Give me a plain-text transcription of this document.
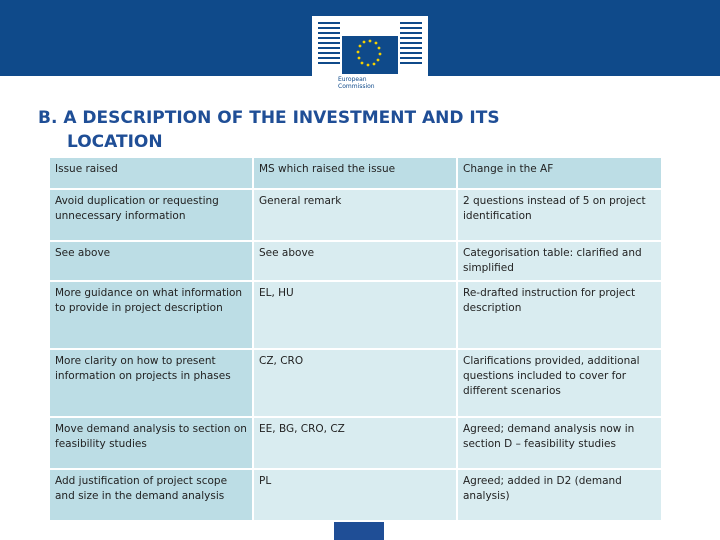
European
Commission
B. A DESCRIPTION OF THE INVESTMENT AND ITS
LOCATION
Issue raised	MS which raised the issue	Change in the AF
Avoid duplication or requesting unnecessary information	General remark	2 questions instead of 5 on project identification
See above	See above	Categorisation table: clarified and simplified
More guidance on what information to provide in project description	EL, HU	Re-drafted instruction for project description
More clarity on how to present information on projects in phases	CZ, CRO	Clarifications provided, additional questions included to cover for different scenarios
Move demand analysis to section on feasibility studies	EE, BG, CRO, CZ	Agreed; demand analysis now in section D – feasibility studies
Add justification of project scope and size in the demand analysis	PL	Agreed; added in D2 (demand analysis)
